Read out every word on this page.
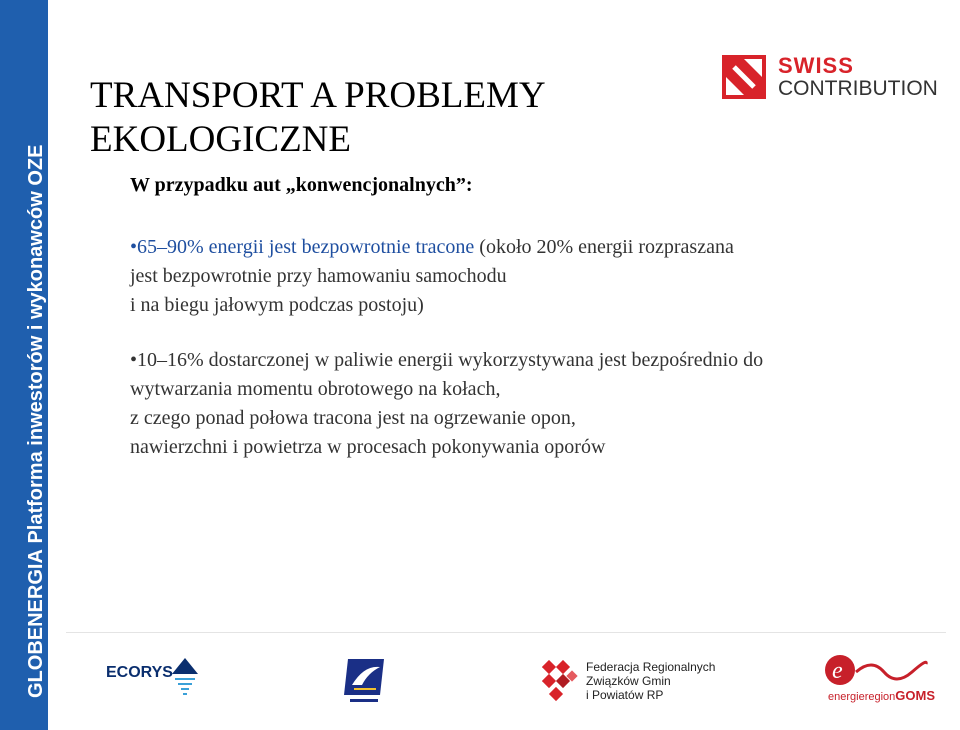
GLOBENERGIA Platforma inwestorów i wykonawców OZE
TRANSPORT A PROBLEMY
EKOLOGICZNE
SWISS
CONTRIBUTION

W przypadku aut „konwencjonalnych”:

•65–90% energii jest bezpowrotnie tracone (około 20% energii rozpraszana
jest bezpowrotnie przy hamowaniu samochodu
i na biegu jałowym podczas postoju)
•10–16% dostarczonej w paliwie energii wykorzystywana jest bezpośrednio do
wytwarzania momentu obrotowego na kołach,
z czego ponad połowa tracona jest na ogrzewanie opon,
nawierzchni i powietrza w procesach pokonywania oporów
ECORYS	Federacja Regionalnych
Związków Gmin
i Powiatów RP
e
energieregionGOMS
